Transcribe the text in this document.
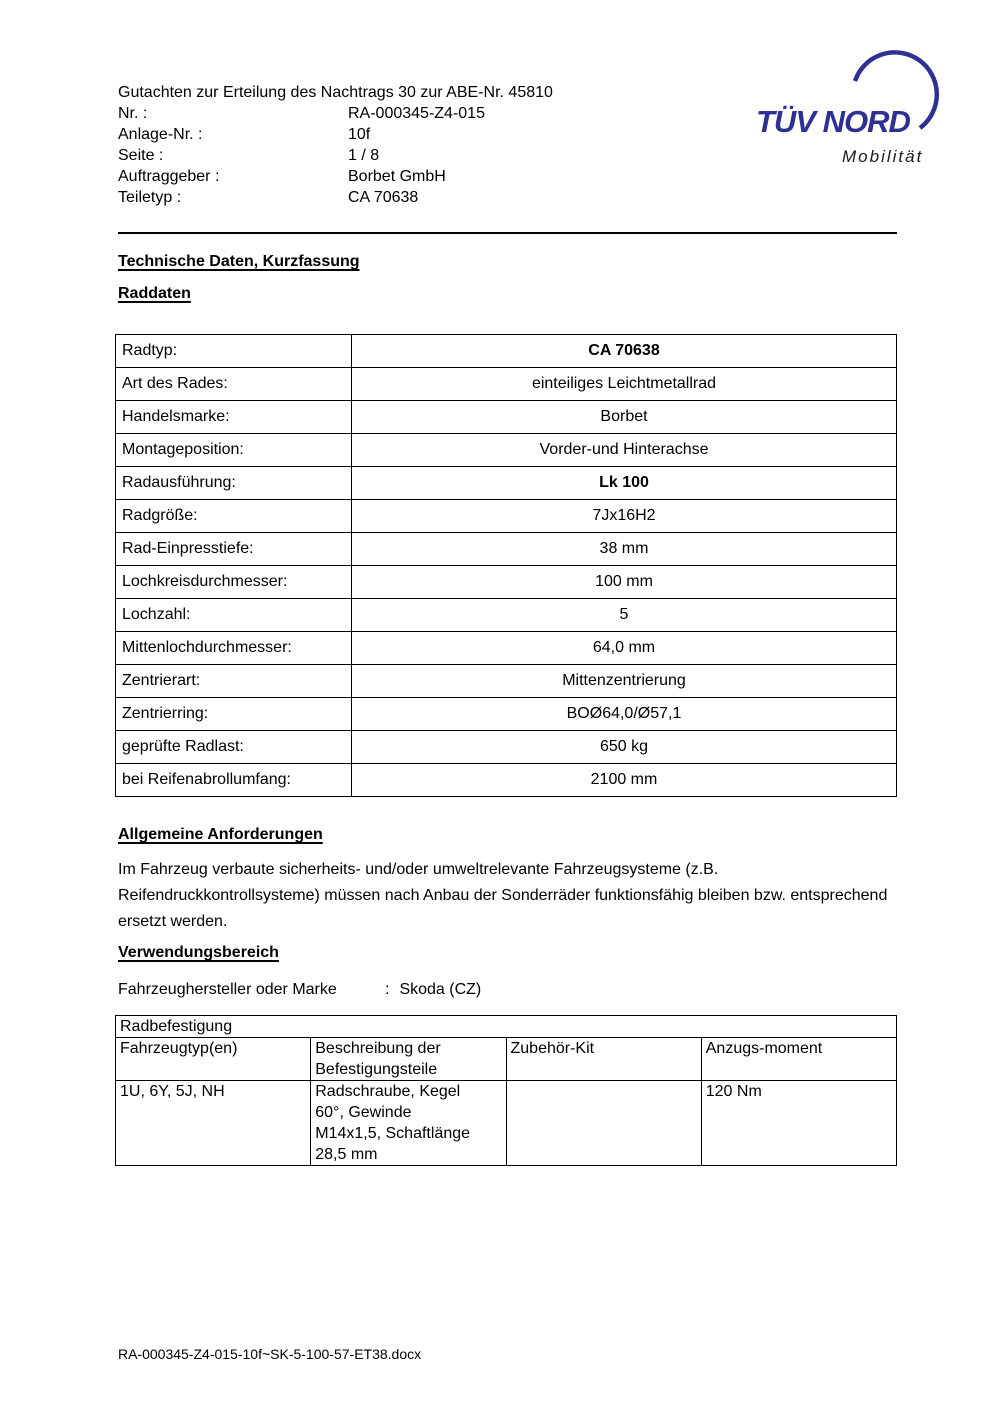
Gutachten zur Erteilung des Nachtrags 30 zur ABE-Nr. 45810
Nr. :	RA-000345-Z4-015
Anlage-Nr. :	10f
Seite :	1 / 8
Auftraggeber :	Borbet GmbH
Teiletyp :	CA 70638
TÜV NORD
Mobilität
Technische Daten, Kurzfassung
Raddaten
Radtyp:	CA 70638
Art des Rades:	einteiliges Leichtmetallrad
Handelsmarke:	Borbet
Montageposition:	Vorder-und Hinterachse
Radausführung:	Lk 100
Radgröße:	7Jx16H2
Rad-Einpresstiefe:	38 mm
Lochkreisdurchmesser:	100 mm
Lochzahl:	5
Mittenlochdurchmesser:	64,0 mm
Zentrierart:	Mittenzentrierung
Zentrierring:	BOØ64,0/Ø57,1
geprüfte Radlast:	650 kg
bei Reifenabrollumfang:	2100 mm
Allgemeine Anforderungen

Im Fahrzeug verbaute sicherheits- und/oder umweltrelevante Fahrzeugsysteme (z.B. Reifendruckkontrollsysteme) müssen nach Anbau der Sonderräder funktionsfähig bleiben bzw. entsprechend ersetzt werden.

Verwendungsbereich
Fahrzeughersteller oder Marke	: Skoda (CZ)
Radbefestigung			
Fahrzeugtyp(en)	Beschreibung der Befestigungsteile	Zubehör-Kit	Anzugs-moment
1U, 6Y, 5J, NH	Radschraube, Kegel 60°, Gewinde M14x1,5, Schaftlänge 28,5 mm		120 Nm
RA-000345-Z4-015-10f~SK-5-100-57-ET38.docx
